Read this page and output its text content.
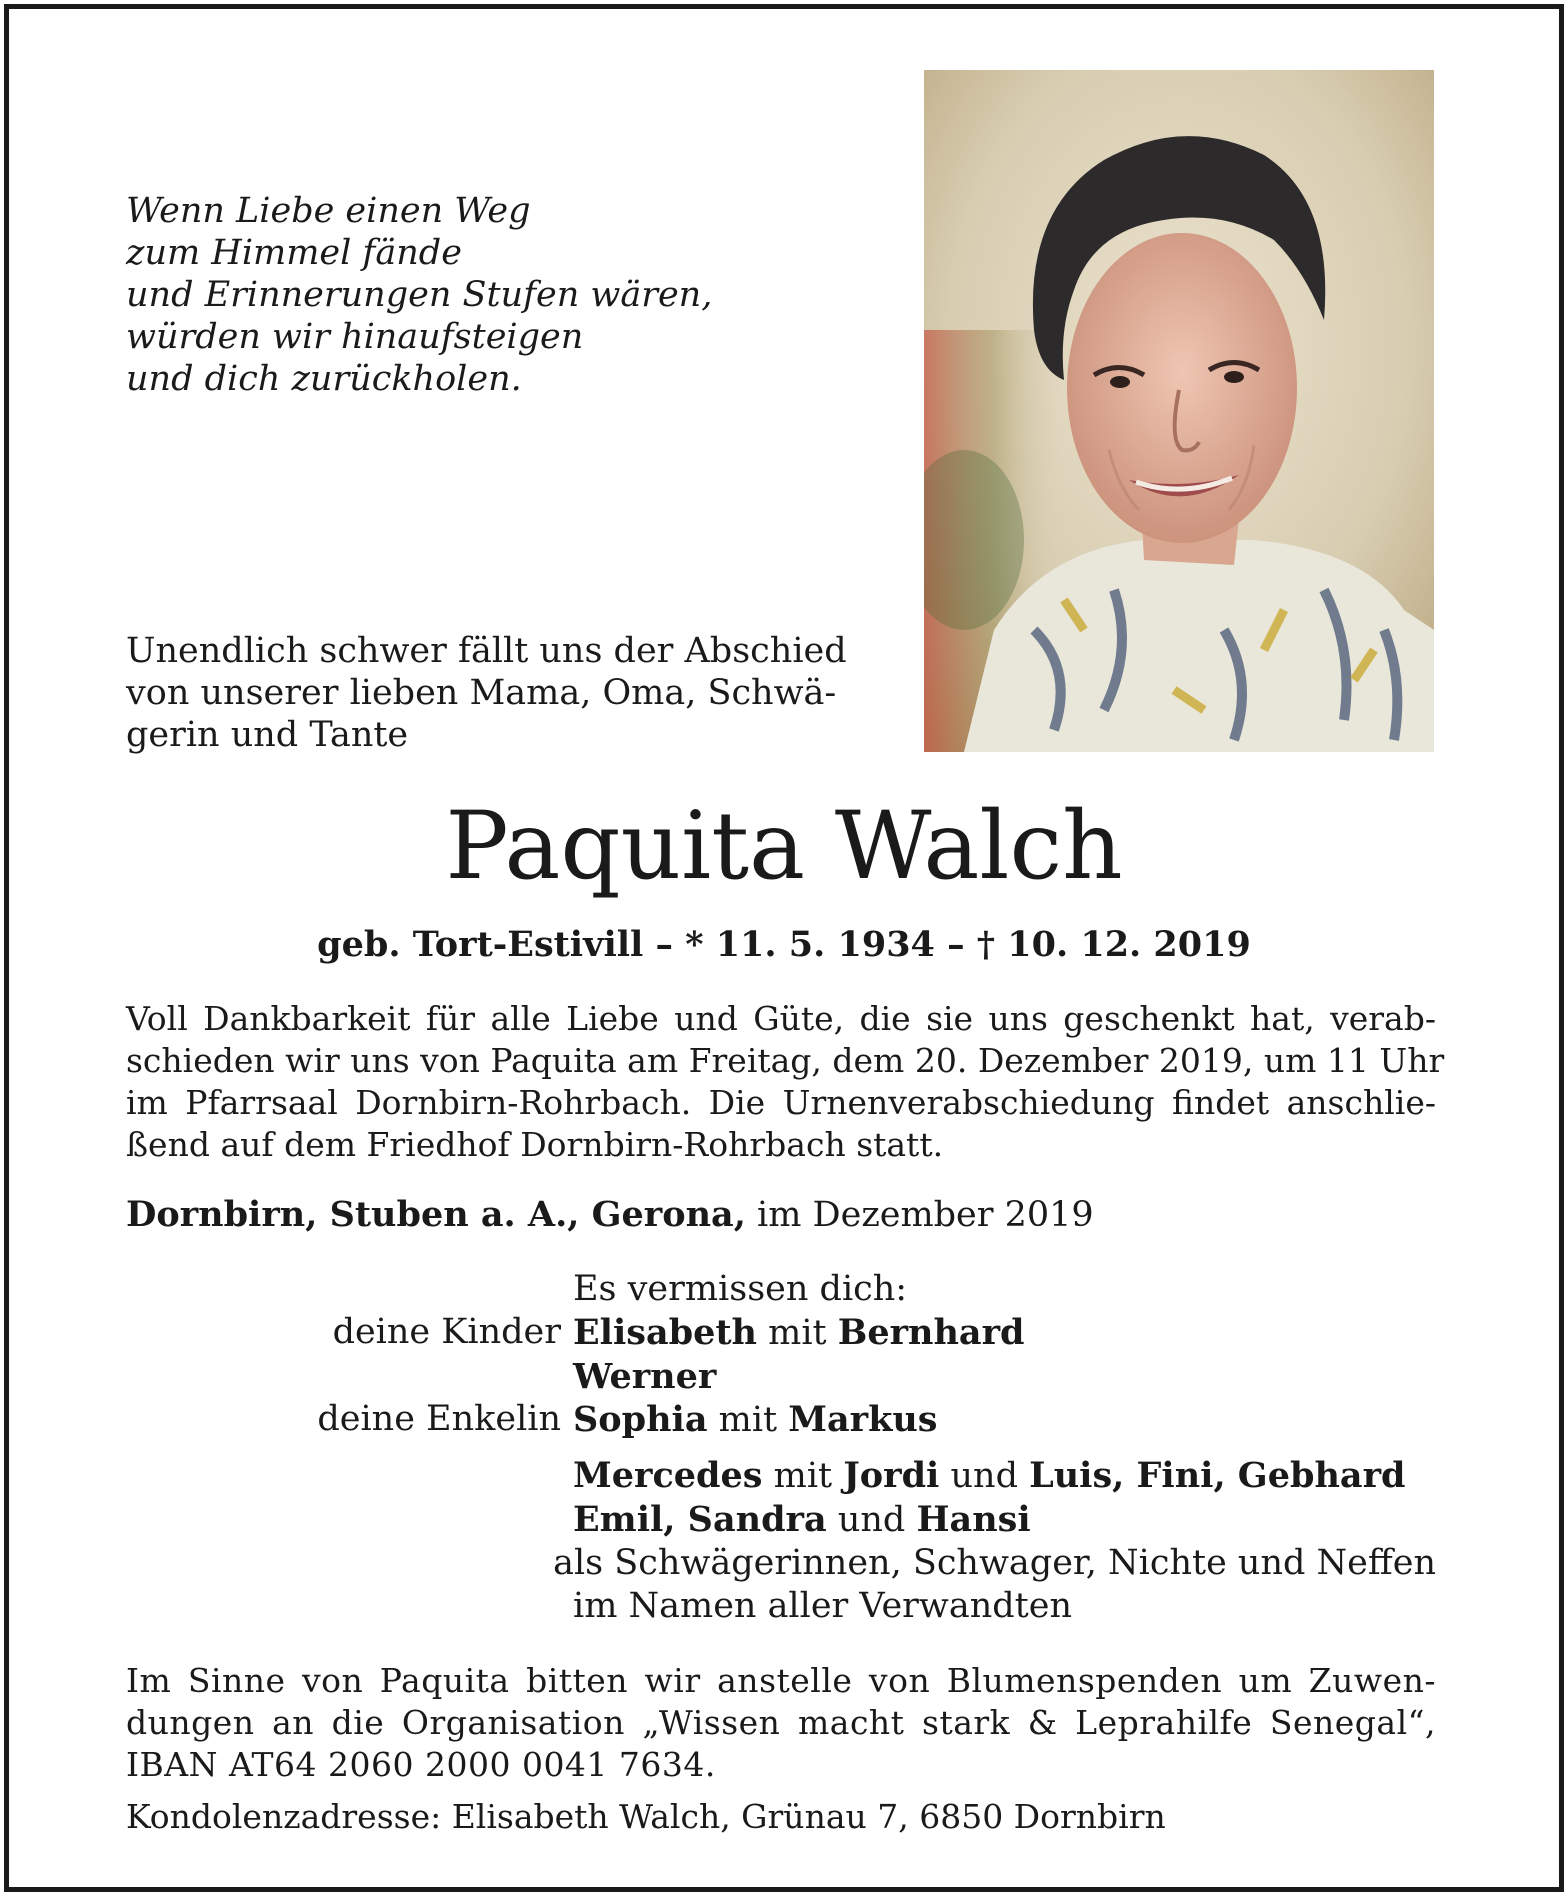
Wenn Liebe einen Weg
zum Himmel fände
und Erinnerungen Stufen wären,
würden wir hinaufsteigen
und dich zurückholen.
Unendlich schwer fällt uns der Abschied
von unserer lieben Mama, Oma, Schwä-
gerin und Tante
Paquita Walch
geb. Tort-Estivill – * 11. 5. 1934 – † 10. 12. 2019
Voll Dankbarkeit für alle Liebe und Güte, die sie uns geschenkt hat, verab-
schieden wir uns von Paquita am Freitag, dem 20. Dezember 2019, um 11 Uhr
im Pfarrsaal Dornbirn-Rohrbach. Die Urnenverabschiedung findet anschlie-
ßend auf dem Friedhof Dornbirn-Rohrbach statt.
Dornbirn, Stuben a. A., Gerona, im Dezember 2019
Es vermissen dich:
deine Kinder Elisabeth mit Bernhard
Werner
deine Enkelin Sophia mit Markus
Mercedes mit Jordi und Luis, Fini, Gebhard
Emil, Sandra und Hansi
als Schwägerinnen, Schwager, Nichte und Neffen
im Namen aller Verwandten
Im Sinne von Paquita bitten wir anstelle von Blumenspenden um Zuwen-
dungen an die Organisation „Wissen macht stark & Leprahilfe Senegal“,
IBAN AT64 2060 2000 0041 7634.
Kondolenzadresse: Elisabeth Walch, Grünau 7, 6850 Dornbirn
